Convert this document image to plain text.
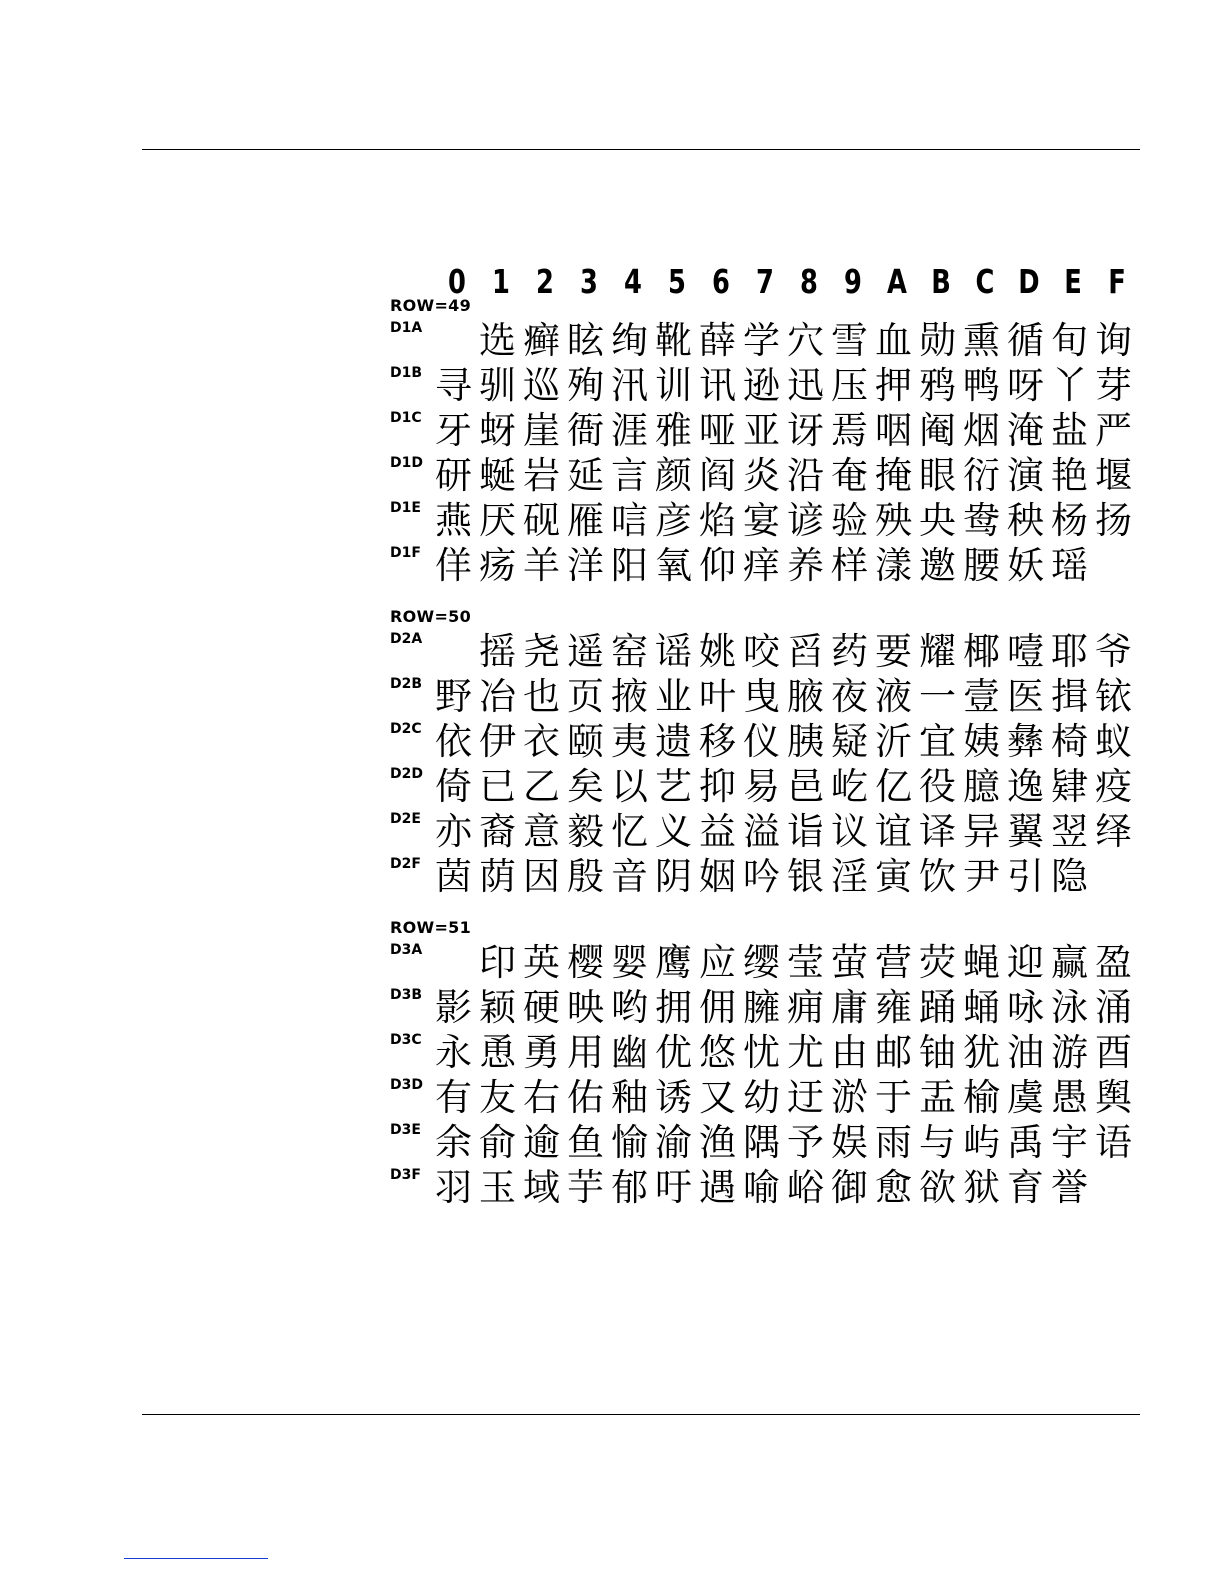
0 1 2 3 4 5 6 7 8 9 A B C D E F
ROW=49
D1A 　选癣眩绚靴薛学穴雪血勋熏循旬询
D1B 寻驯巡殉汛训讯逊迅压押鸦鸭呀丫芽
D1C 牙蚜崖衙涯雅哑亚讶焉咽阉烟淹盐严
D1D 研蜒岩延言颜阎炎沿奄掩眼衍演艳堰
D1E 燕厌砚雁唁彦焰宴谚验殃央鸯秧杨扬
D1F 佯疡羊洋阳氧仰痒养样漾邀腰妖瑶
ROW=50
D2A 　摇尧遥窑谣姚咬舀药要耀椰噎耶爷
D2B 野冶也页掖业叶曳腋夜液一壹医揖铱
D2C 依伊衣颐夷遗移仪胰疑沂宜姨彝椅蚁
D2D 倚已乙矣以艺抑易邑屹亿役臆逸肄疫
D2E 亦裔意毅忆义益溢诣议谊译异翼翌绎
D2F 茵荫因殷音阴姻吟银淫寅饮尹引隐
ROW=51
D3A 　印英樱婴鹰应缨莹萤营荧蝇迎赢盈
D3B 影颖硬映哟拥佣臃痈庸雍踊蛹咏泳涌
D3C 永恿勇用幽优悠忧尤由邮铀犹油游酉
D3D 有友右佑釉诱又幼迂淤于盂榆虞愚舆
D3E 余俞逾鱼愉渝渔隅予娱雨与屿禹宇语
D3F 羽玉域芋郁吁遇喻峪御愈欲狱育誉
